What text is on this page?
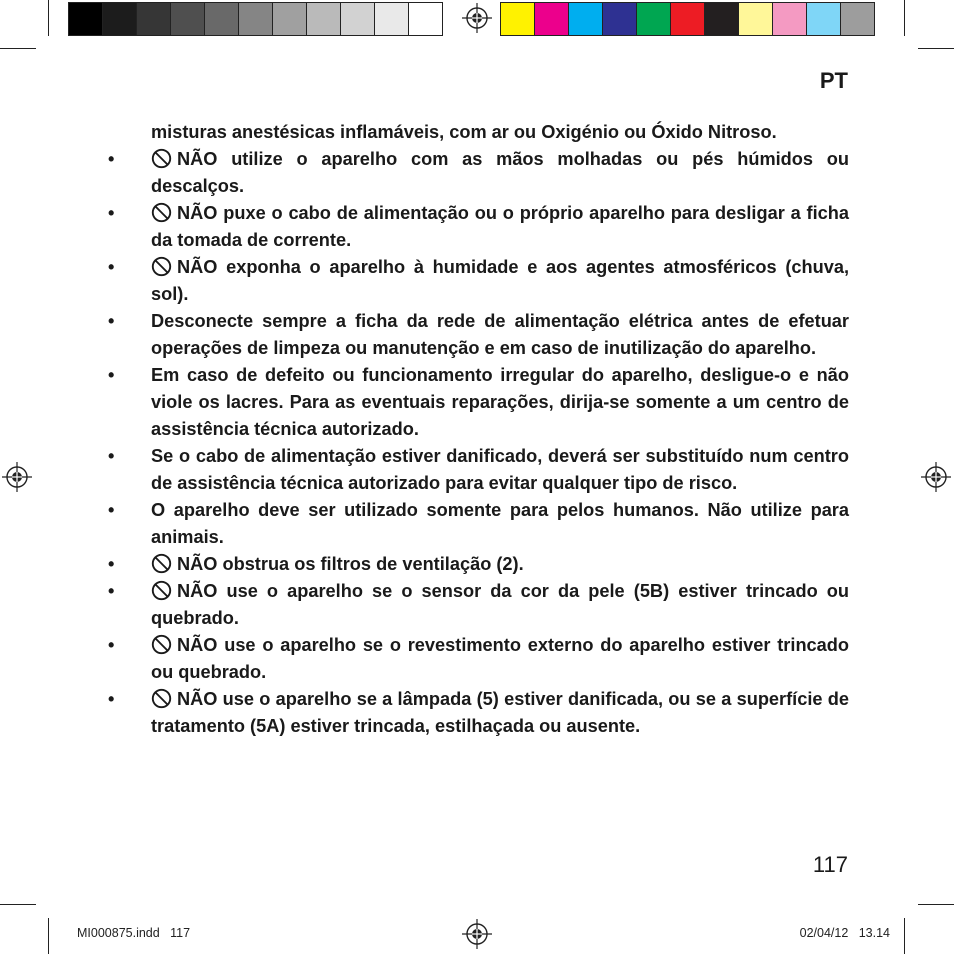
PT
misturas anestésicas inflamáveis, com ar ou Oxigénio ou Óxido Nitroso.
•	NÃO utilize o aparelho com as mãos molhadas ou pés húmidos ou descalços.
•	NÃO puxe o cabo de alimentação ou o próprio aparelho para desligar a ficha da tomada de corrente.
•	NÃO exponha o aparelho à humidade e aos agentes atmosféricos (chuva, sol).
•	Desconecte sempre a ficha da rede de alimentação elétrica antes de efetuar operações de limpeza ou manutenção e em caso de inutilização do aparelho.
•	Em caso de defeito ou funcionamento irregular do aparelho, desligue-o e não viole os lacres. Para as eventuais reparações, dirija-se somente a um centro de assistência técnica autorizado.
•	Se o cabo de alimentação estiver danificado, deverá ser substituído num centro de assistência técnica autorizado para evitar qualquer tipo de risco.
•	O aparelho deve ser utilizado somente para pelos humanos. Não utilize para animais.
•	NÃO obstrua os filtros de ventilação (2).
•	NÃO use o aparelho se o sensor da cor da pele (5B) estiver trincado ou quebrado.
•	NÃO use o aparelho se o revestimento externo do aparelho estiver trincado ou quebrado.
•	NÃO use o aparelho se a lâmpada (5) estiver danificada, ou se a superfície de tratamento (5A) estiver trincada, estilhaçada ou ausente.
117
MI000875.indd   117	02/04/12   13.14
